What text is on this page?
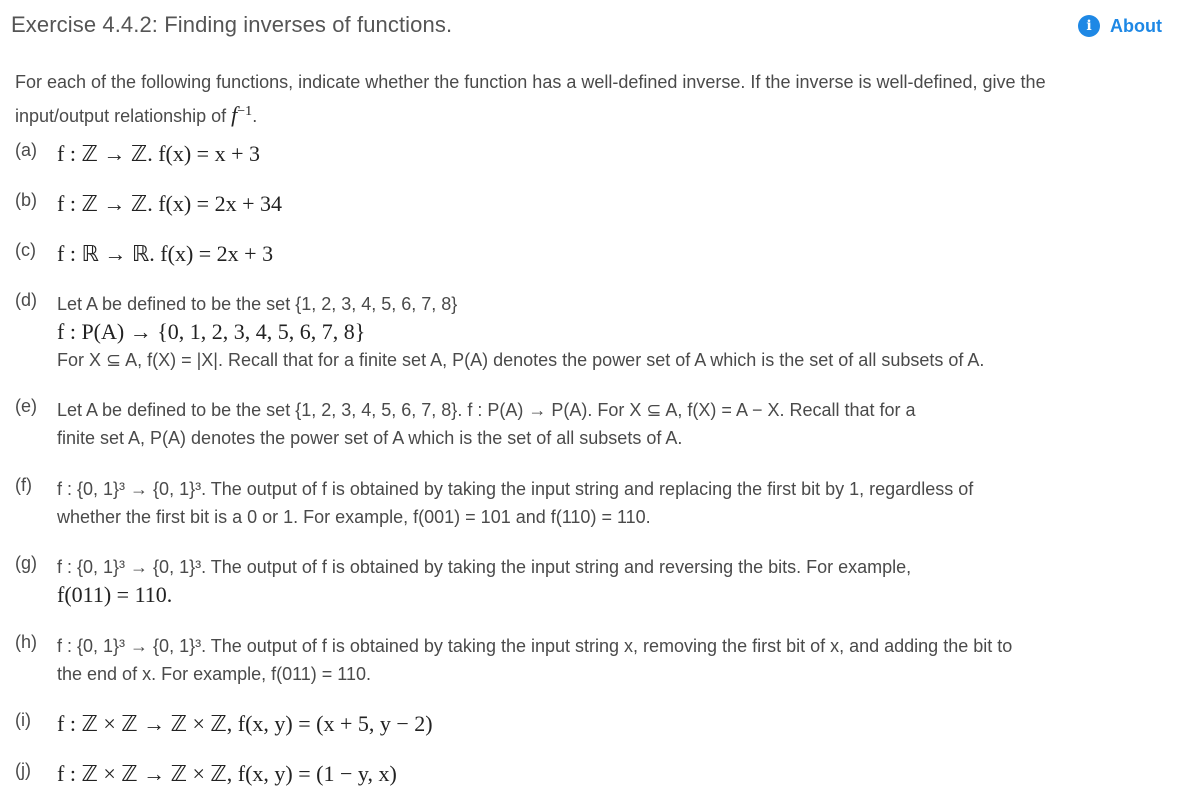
Exercise 4.4.2: Finding inverses of functions.	i	About
For each of the following functions, indicate whether the function has a well-defined inverse. If the inverse is well-defined, give the
input/output relationship of $f^{-1}$.
(a) f : ℤ → ℤ. f(x) = x + 3
(b) f : ℤ → ℤ. f(x) = 2x + 34
(c) f : ℝ → ℝ. f(x) = 2x + 3
(d)	Let A be defined to be the set {1, 2, 3, 4, 5, 6, 7, 8}
f : P(A) → {0, 1, 2, 3, 4, 5, 6, 7, 8}
For X ⊆ A, f(X) = |X|. Recall that for a finite set A, P(A) denotes the power set of A which is the set of all subsets of A.
(e)	Let A be defined to be the set {1, 2, 3, 4, 5, 6, 7, 8}. f : P(A) → P(A). For X ⊆ A, f(X) = A − X. Recall that for a
finite set A, P(A) denotes the power set of A which is the set of all subsets of A.
(f)	f : {0, 1}³ → {0, 1}³. The output of f is obtained by taking the input string and replacing the first bit by 1, regardless of
whether the first bit is a 0 or 1. For example, f(001) = 101 and f(110) = 110.
(g)	f : {0, 1}³ → {0, 1}³. The output of f is obtained by taking the input string and reversing the bits. For example,
f(011) = 110.
(h)	f : {0, 1}³ → {0, 1}³. The output of f is obtained by taking the input string x, removing the first bit of x, and adding the bit to
the end of x. For example, f(011) = 110.
(i)	f : ℤ × ℤ → ℤ × ℤ, f(x, y) = (x + 5, y − 2)
(j)	f : ℤ × ℤ → ℤ × ℤ, f(x, y) = (1 − y, x)
